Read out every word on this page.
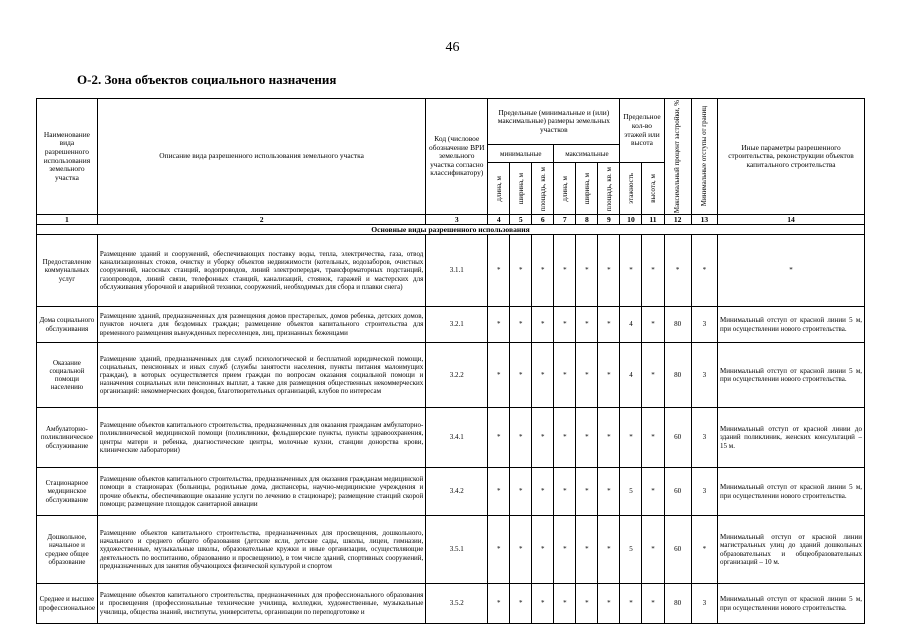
46
О-2. Зона объектов социального назначения
Наименование вида разрешенного использования земельного участка	Описание вида разрешенного использования земельного участка	Код (числовое обозначение ВРИ земельного участка согласно классификатору)	Предельные (минимальные и (или) максимальные) размеры земельных участков						Предельное кол-во этажей или высота		Максимальный процент застройки, %	Минимальные отступы от границ	Иные параметры разрешенного строительства, реконструкции объектов капитального строительства
			минимальные			максимальные							

			длина, м	ширина, м	площадь, кв. м	длина, м	ширина, м	площадь, кв. м	этажность	высота, м			

1	2	3	4	5	6	7	8	9	10	11	12	13	14
Основные виды разрешенного использования													
Предоставление коммунальных услуг	Размещение зданий и сооружений, обеспечивающих поставку воды, тепла, электричества, газа, отвод канализационных стоков, очистку и уборку объектов недвижимости (котельных, водозаборов, очистных сооружений, насосных станций, водопроводов, линий электропередач, трансформаторных подстанций, газопроводов, линий связи, телефонных станций, канализаций, стоянок, гаражей и мастерских для обслуживания уборочной и аварийной техники, сооружений, необходимых для сбора и плавки снега)	3.1.1	*	*	*	*	*	*	*	*	*	*	*
Дома социального обслуживания	Размещение зданий, предназначенных для размещения домов престарелых, домов ребенка, детских домов, пунктов ночлега для бездомных граждан; размещение объектов капитального строительства для временного размещения вынужденных переселенцев, лиц, признанных беженцами	3.2.1	*	*	*	*	*	*	4	*	80	3	Минимальный отступ от красной линии 5 м, при осуществлении нового строительства.
Оказание социальной помощи населению	Размещение зданий, предназначенных для служб психологической и бесплатной юридической помощи, социальных, пенсионных и иных служб (службы занятости населения, пункты питания малоимущих граждан), в которых осуществляется прием граждан по вопросам оказания социальной помощи и назначения социальных или пенсионных выплат, а также для размещения общественных некоммерческих организаций: некоммерческих фондов, благотворительных организаций, клубов по интересам	3.2.2	*	*	*	*	*	*	4	*	80	3	Минимальный отступ от красной линии 5 м, при осуществлении нового строительства.
Амбулаторно-поликлиническое обслуживание	Размещение объектов капитального строительства, предназначенных для оказания гражданам амбулаторно-поликлинической медицинской помощи (поликлиники, фельдшерские пункты, пункты здравоохранения, центры матери и ребенка, диагностические центры, молочные кухни, станции донорства крови, клинические лаборатории)	3.4.1	*	*	*	*	*	*	*	*	60	3	Минимальный отступ от красной линии до зданий поликлиник, женских консультаций – 15 м.
Стационарное медицинское обслуживание	Размещение объектов капитального строительства, предназначенных для оказания гражданам медицинской помощи в стационарах (больницы, родильные дома, диспансеры, научно-медицинские учреждения и прочие объекты, обеспечивающие оказание услуги по лечению в стационаре); размещение станций скорой помощи; размещение площадок санитарной авиации	3.4.2	*	*	*	*	*	*	5	*	60	3	Минимальный отступ от красной линии 5 м, при осуществлении нового строительства.
Дошкольное, начальное и среднее общее образование	Размещение объектов капитального строительства, предназначенных для просвещения, дошкольного, начального и среднего общего образования (детские ясли, детские сады, школы, лицеи, гимназии, художественные, музыкальные школы, образовательные кружки и иные организации, осуществляющие деятельность по воспитанию, образованию и просвещению), в том числе зданий, спортивных сооружений, предназначенных для занятия обучающихся физической культурой и спортом	3.5.1	*	*	*	*	*	*	5	*	60	*	Минимальный отступ от красной линии магистральных улиц до зданий дошкольных образовательных и общеобразовательных организаций – 10 м.
Среднее и высшее профессиональное	Размещение объектов капитального строительства, предназначенных для профессионального образования и просвещения (профессиональные технические училища, колледжи, художественные, музыкальные училища, общества знаний, институты, университеты, организации по переподготовке и	3.5.2	*	*	*	*	*	*	*	*	80	3	Минимальный отступ от красной линии 5 м, при осуществлении нового строительства.
